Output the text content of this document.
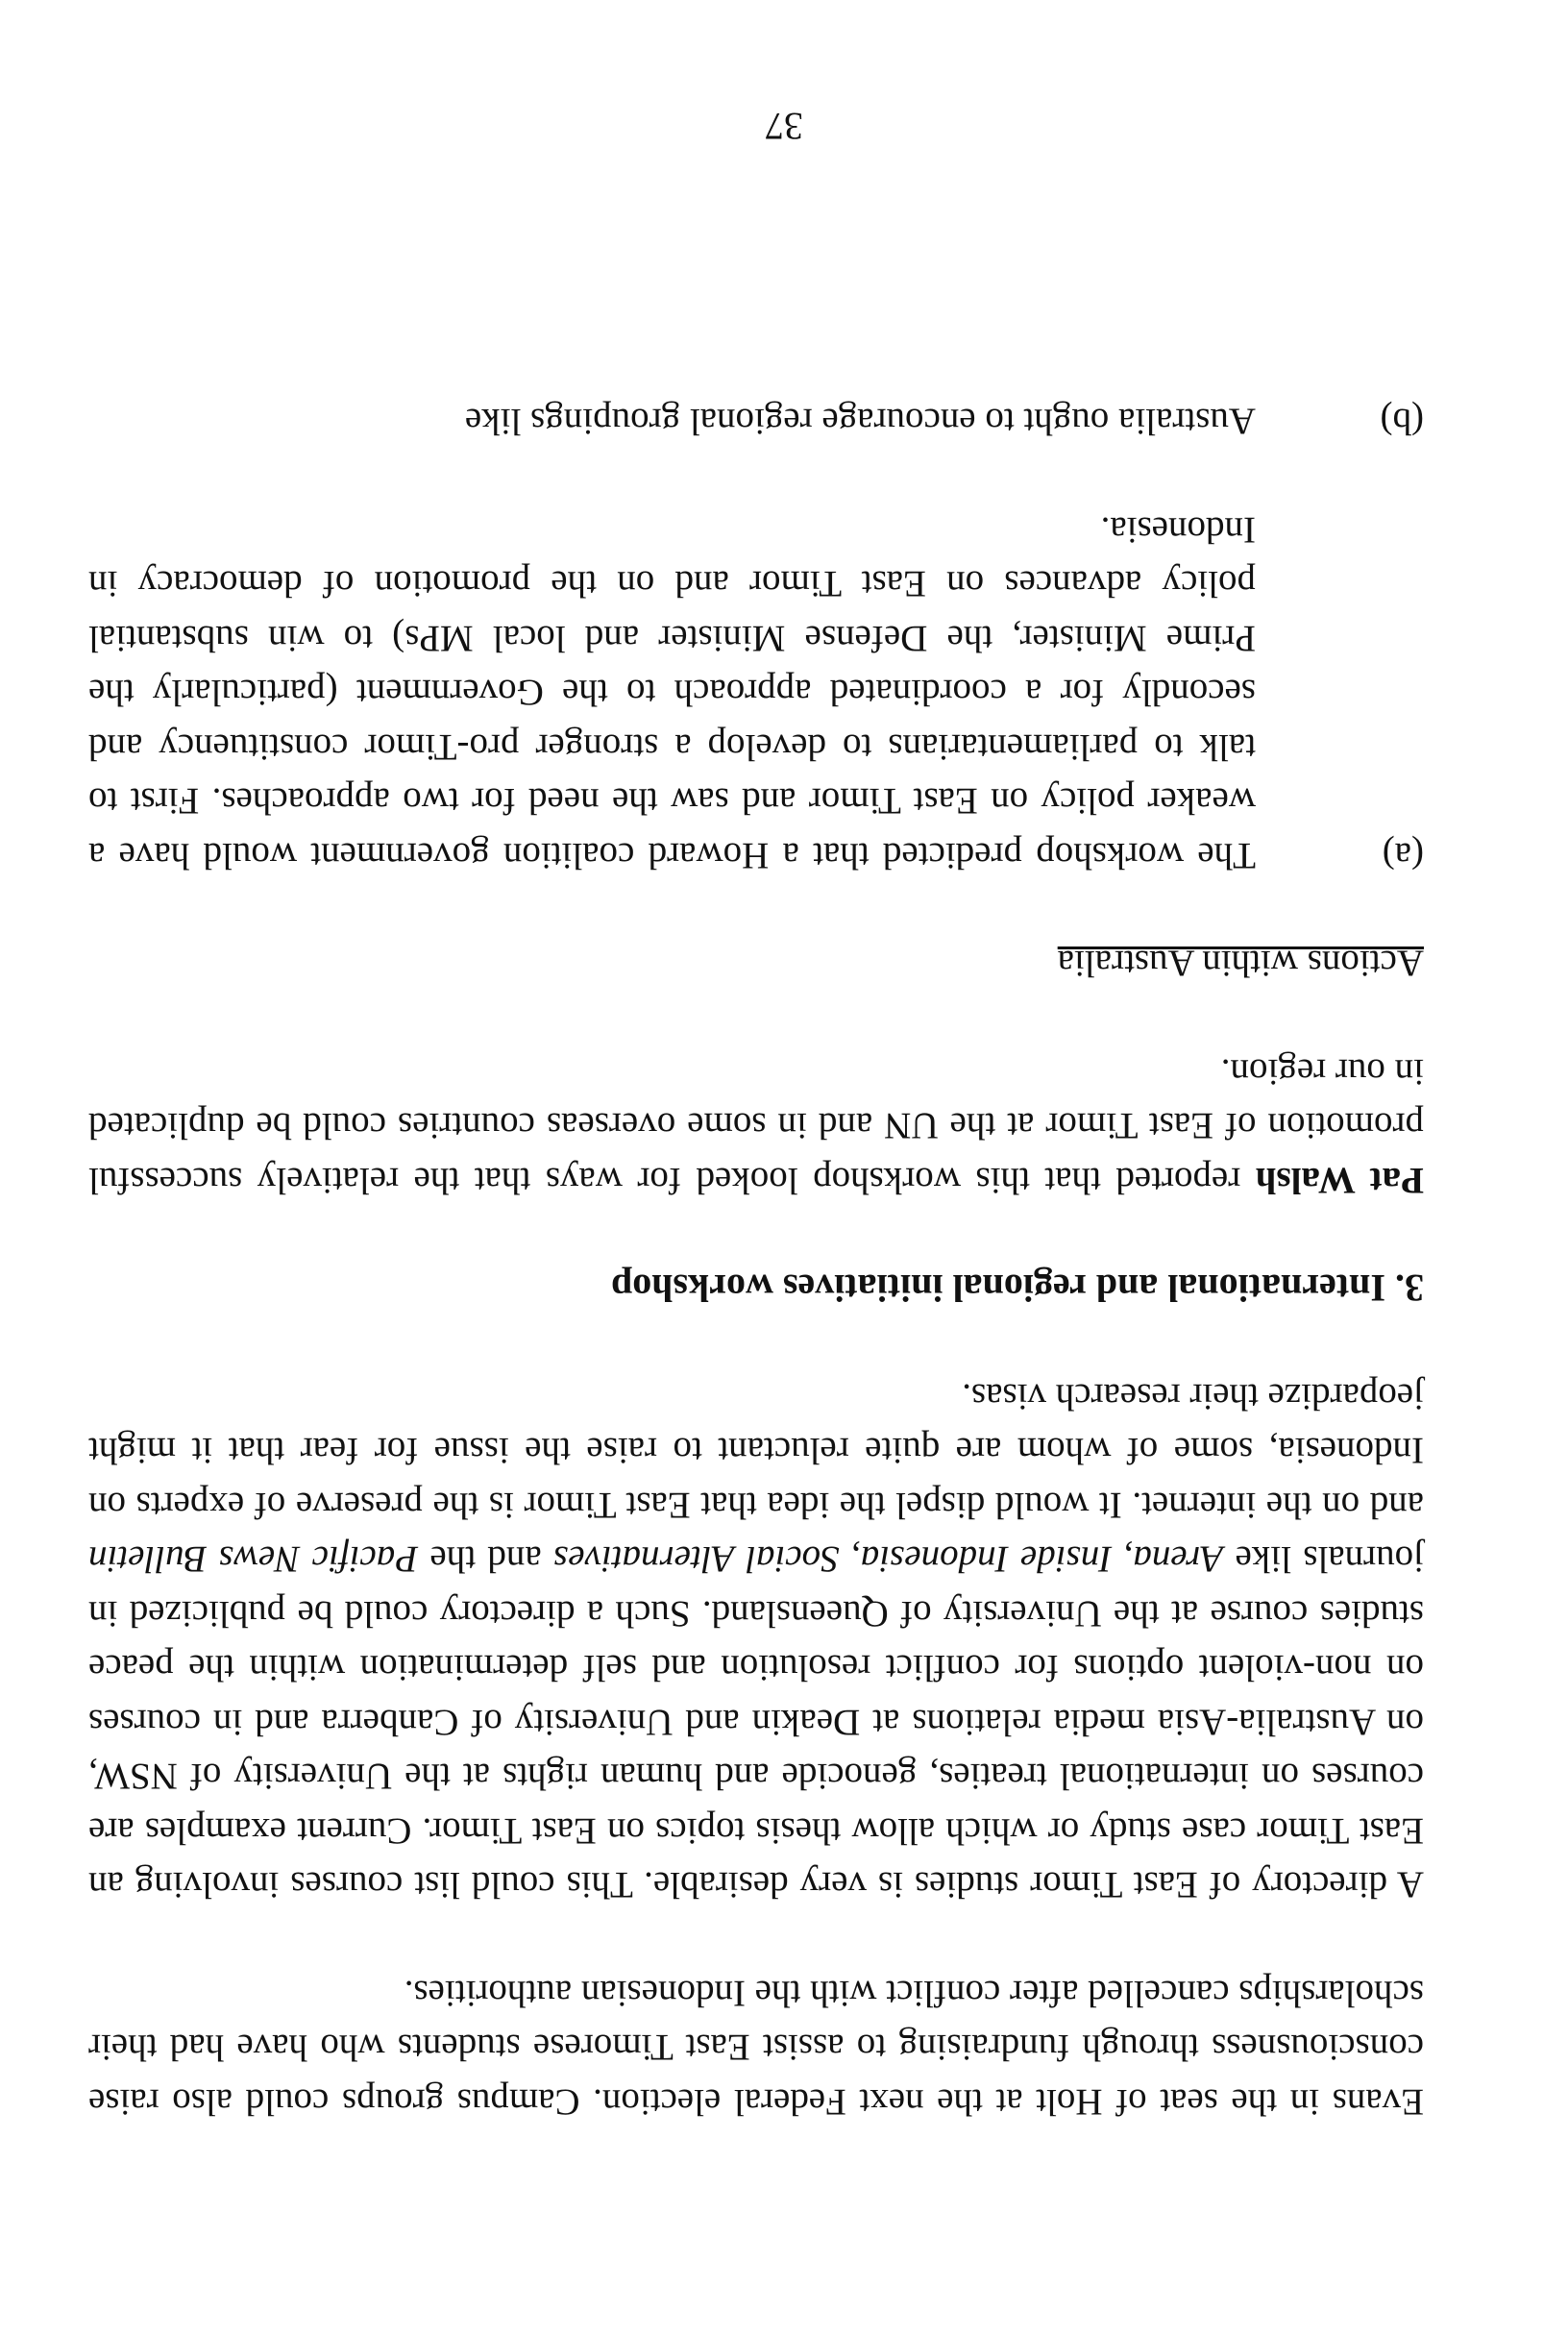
Evans in the seat of Holt at the next Federal election. Campus groups could also raise consciousness through fundraising to assist East Timorese students who have had their scholarships cancelled after conflict with the Indonesian authorities.

A directory of East Timor studies is very desirable. This could list courses involving an East Timor case study or which allow thesis topics on East Timor. Current examples are courses on international treaties, genocide and human rights at the University of NSW, on Australia-Asia media relations at Deakin and University of Canberra and in courses on non-violent options for conflict resolution and self determination within the peace studies course at the University of Queensland. Such a directory could be publicized in journals like Arena, Inside Indonesia, Social Alternatives and the Pacific News Bulletin and on the internet. It would dispel the idea that East Timor is the preserve of experts on Indonesia, some of whom are quite reluctant to raise the issue for fear that it might jeopardize their research visas.

3. International and regional initiatives workshop

Pat Walsh reported that this workshop looked for ways that the relatively successful promotion of East Timor at the UN and in some overseas countries could be duplicated in our region.

Actions within Australia

(a)
The workshop predicted that a Howard coalition government would have a weaker policy on East Timor and saw the need for two approaches. First to talk to parliamentarians to develop a stronger pro-Timor constituency and secondly for a coordinated approach to the Government (particularly the Prime Minister, the Defense Minister and local MPs) to win substantial policy advances on East Timor and on the promotion of democracy in Indonesia.

(b)
Australia ought to encourage regional groupings like

37
